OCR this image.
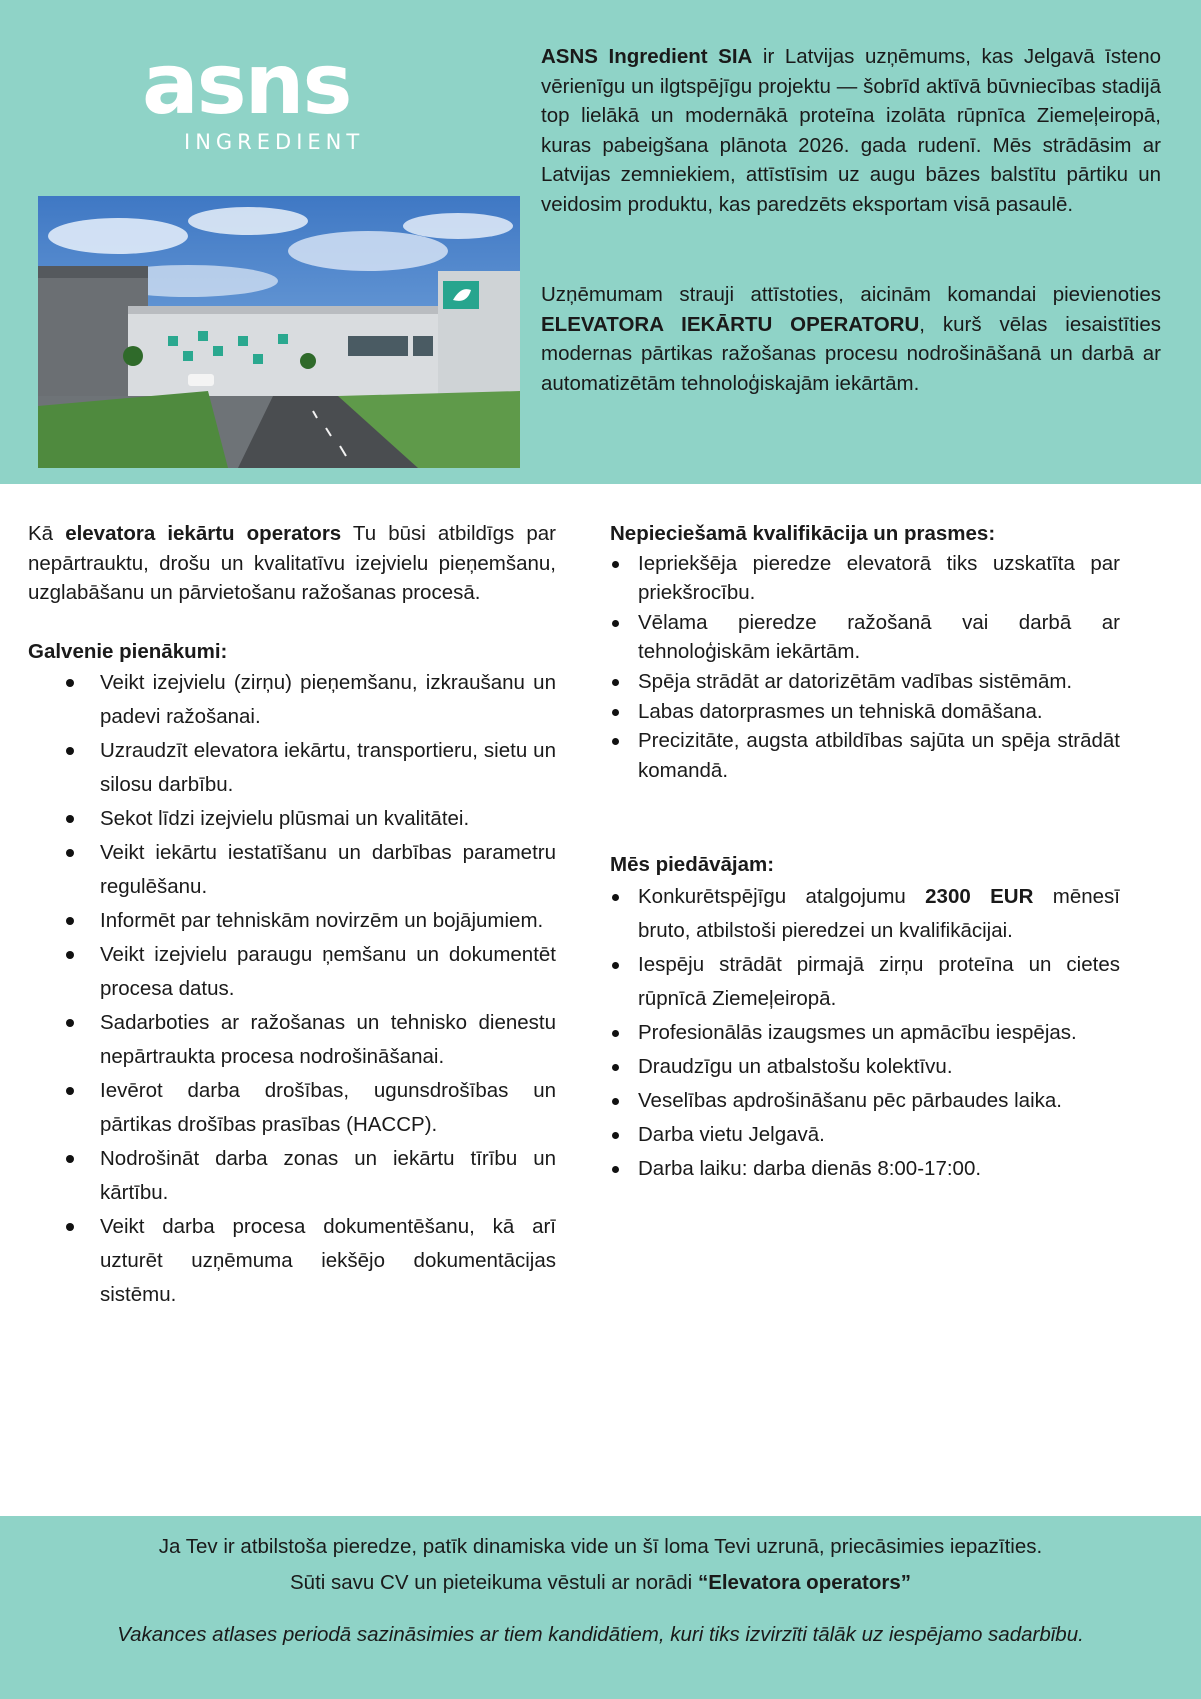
asns
INGREDIENT

ASNS Ingredient SIA ir Latvijas uzņēmums, kas Jelgavā īsteno vērienīgu un ilgtspējīgu projektu — šobrīd aktīvā būvniecības stadijā top lielākā un modernākā proteīna izolāta rūpnīca Ziemeļeiropā, kuras pabeigšana plānota 2026. gada rudenī. Mēs strādāsim ar Latvijas zemniekiem, attīstīsim uz augu bāzes balstītu pārtiku un veidosim produktu, kas paredzēts eksportam visā pasaulē.

Uzņēmumam strauji attīstoties, aicinām komandai pievienoties ELEVATORA IEKĀRTU OPERATORU, kurš vēlas iesaistīties modernas pārtikas ražošanas procesu nodrošināšanā un darbā ar automatizētām tehnoloģiskajām iekārtām.

Kā elevatora iekārtu operators Tu būsi atbildīgs par nepārtrauktu, drošu un kvalitatīvu izejvielu pieņemšanu, uzglabāšanu un pārvietošanu ražošanas procesā.

Galvenie pienākumi:

Veikt izejvielu (zirņu) pieņemšanu, izkraušanu un padevi ražošanai.
Uzraudzīt elevatora iekārtu, transportieru, sietu un silosu darbību.
Sekot līdzi izejvielu plūsmai un kvalitātei.
Veikt iekārtu iestatīšanu un darbības parametru regulēšanu.
Informēt par tehniskām novirzēm un bojājumiem.
Veikt izejvielu paraugu ņemšanu un dokumentēt procesa datus.
Sadarboties ar ražošanas un tehnisko dienestu nepārtraukta procesa nodrošināšanai.
Ievērot darba drošības, ugunsdrošības un pārtikas drošības prasības (HACCP).
Nodrošināt darba zonas un iekārtu tīrību un kārtību.
Veikt darba procesa dokumentēšanu, kā arī uzturēt uzņēmuma iekšējo dokumentācijas sistēmu.

Nepieciešamā kvalifikācija un prasmes:

Iepriekšēja pieredze elevatorā tiks uzskatīta par priekšrocību.
Vēlama pieredze ražošanā vai darbā ar tehnoloģiskām iekārtām.
Spēja strādāt ar datorizētām vadības sistēmām.
Labas datorprasmes un tehniskā domāšana.
Precizitāte, augsta atbildības sajūta un spēja strādāt komandā.

Mēs piedāvājam:

Konkurētspējīgu atalgojumu 2300 EUR mēnesī bruto, atbilstoši pieredzei un kvalifikācijai.
Iespēju strādāt pirmajā zirņu proteīna un cietes rūpnīcā Ziemeļeiropā.
Profesionālās izaugsmes un apmācību iespējas.
Draudzīgu un atbalstošu kolektīvu.
Veselības apdrošināšanu pēc pārbaudes laika.
Darba vietu Jelgavā.
Darba laiku: darba dienās 8:00-17:00.

Ja Tev ir atbilstoša pieredze, patīk dinamiska vide un šī loma Tevi uzrunā, priecāsimies iepazīties.

Sūti savu CV un pieteikuma vēstuli ar norādi “Elevatora operators”

Vakances atlases periodā sazināsimies ar tiem kandidātiem, kuri tiks izvirzīti tālāk uz iespējamo sadarbību.
